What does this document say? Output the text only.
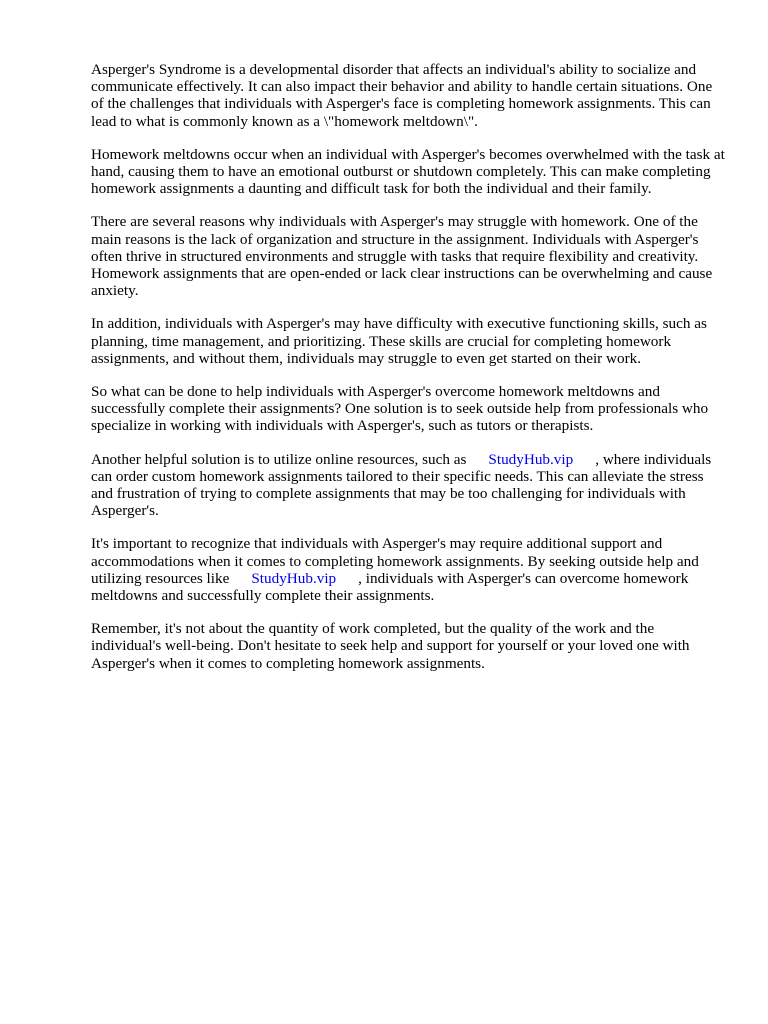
Asperger's Syndrome is a developmental disorder that affects an individual's ability to socialize and communicate effectively. It can also impact their behavior and ability to handle certain situations. One of the challenges that individuals with Asperger's face is completing homework assignments. This can lead to what is commonly known as a \"homework meltdown\".

Homework meltdowns occur when an individual with Asperger's becomes overwhelmed with the task at hand, causing them to have an emotional outburst or shutdown completely. This can make completing homework assignments a daunting and difficult task for both the individual and their family.

There are several reasons why individuals with Asperger's may struggle with homework. One of the main reasons is the lack of organization and structure in the assignment. Individuals with Asperger's often thrive in structured environments and struggle with tasks that require flexibility and creativity. Homework assignments that are open-ended or lack clear instructions can be overwhelming and cause anxiety.

In addition, individuals with Asperger's may have difficulty with executive functioning skills, such as planning, time management, and prioritizing. These skills are crucial for completing homework assignments, and without them, individuals may struggle to even get started on their work.

So what can be done to help individuals with Asperger's overcome homework meltdowns and successfully complete their assignments? One solution is to seek outside help from professionals who specialize in working with individuals with Asperger's, such as tutors or therapists.

Another helpful solution is to utilize online resources, such as StudyHub.vip , where individuals can order custom homework assignments tailored to their specific needs. This can alleviate the stress and frustration of trying to complete assignments that may be too challenging for individuals with Asperger's.

It's important to recognize that individuals with Asperger's may require additional support and accommodations when it comes to completing homework assignments. By seeking outside help and utilizing resources like StudyHub.vip , individuals with Asperger's can overcome homework meltdowns and successfully complete their assignments.

Remember, it's not about the quantity of work completed, but the quality of the work and the individual's well-being. Don't hesitate to seek help and support for yourself or your loved one with Asperger's when it comes to completing homework assignments.
